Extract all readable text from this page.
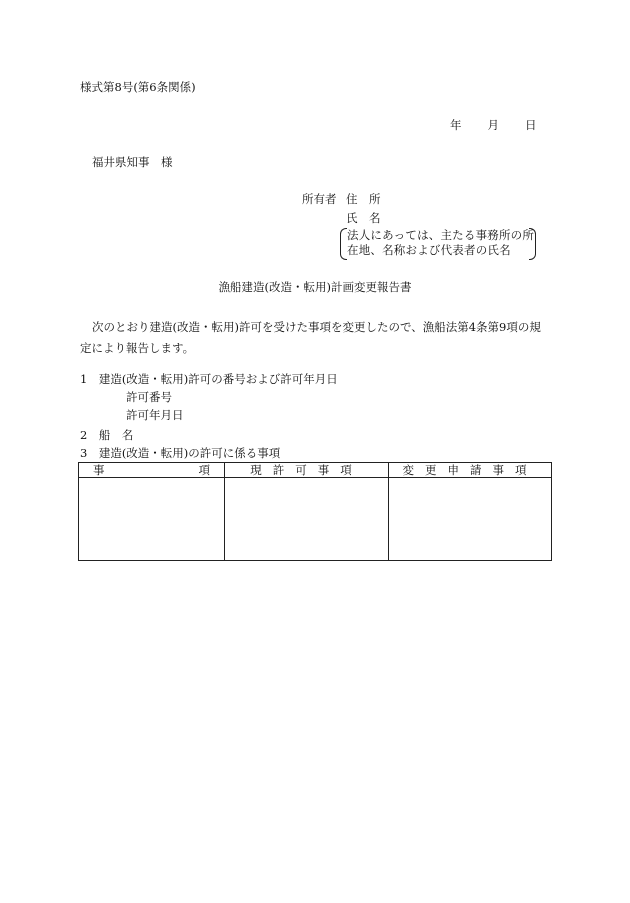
様式第8号(第6条関係)
年 月 日
福井県知事　様
所有者 住　所
氏　名
法人にあっては、主たる事務所の所
在地、名称および代表者の氏名
漁船建造(改造・転用)計画変更報告書
次のとおり建造(改造・転用)許可を受けた事項を変更したので、漁船法第4条第9項の規定により報告します。
1　建造(改造・転用)許可の番号および許可年月日
許可番号
許可年月日
2　船　名
3　建造(改造・転用)の許可に係る事項
事項	現許可事項	変更申請事項
